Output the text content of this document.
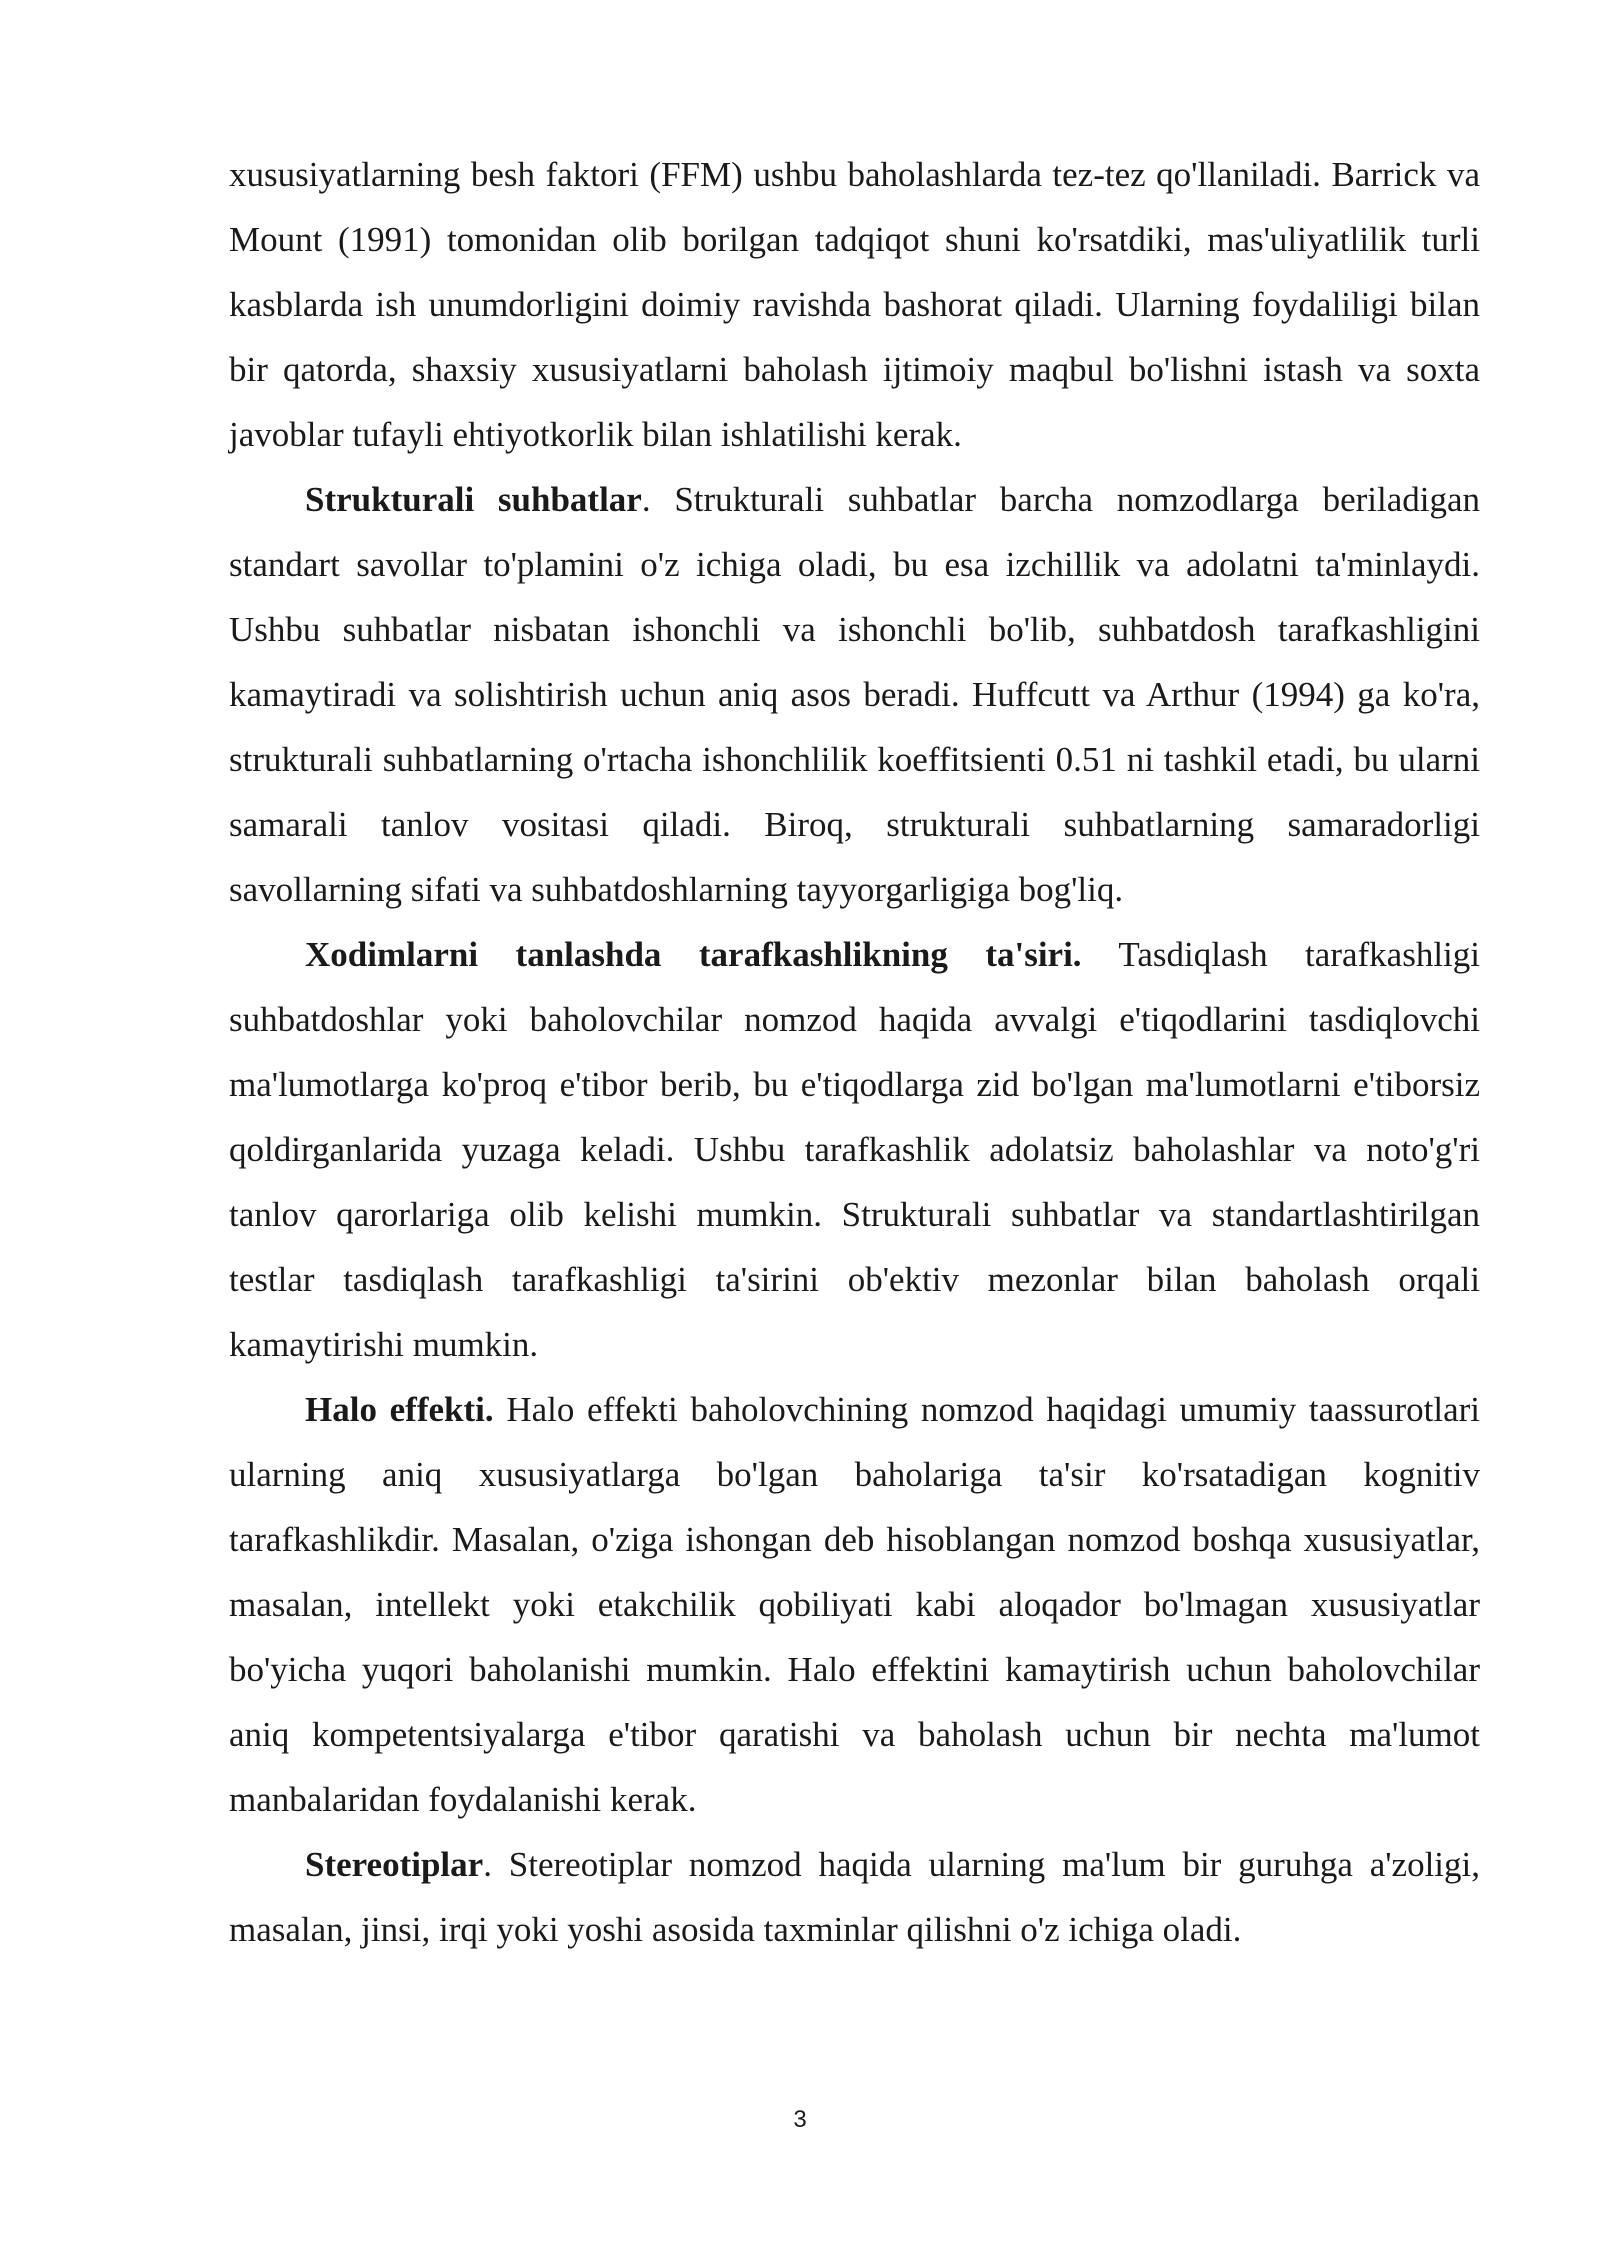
xususiyatlarning besh faktori (FFM) ushbu baholashlarda tez-tez qo'llaniladi. Barrick va Mount (1991) tomonidan olib borilgan tadqiqot shuni ko'rsatdiki, mas'uliyatlilik turli kasblarda ish unumdorligini doimiy ravishda bashorat qiladi. Ularning foydaliligi bilan bir qatorda, shaxsiy xususiyatlarni baholash ijtimoiy maqbul bo'lishni istash va soxta javoblar tufayli ehtiyotkorlik bilan ishlatilishi kerak.

Strukturali suhbatlar. Strukturali suhbatlar barcha nomzodlarga beriladigan standart savollar to'plamini o'z ichiga oladi, bu esa izchillik va adolatni ta'minlaydi. Ushbu suhbatlar nisbatan ishonchli va ishonchli bo'lib, suhbatdosh tarafkashligini kamaytiradi va solishtirish uchun aniq asos beradi. Huffcutt va Arthur (1994) ga ko'ra, strukturali suhbatlarning o'rtacha ishonchlilik koeffitsienti 0.51 ni tashkil etadi, bu ularni samarali tanlov vositasi qiladi. Biroq, strukturali suhbatlarning samaradorligi savollarning sifati va suhbatdoshlarning tayyorgarligiga bog'liq.

Xodimlarni tanlashda tarafkashlikning ta'siri. Tasdiqlash tarafkashligi suhbatdoshlar yoki baholovchilar nomzod haqida avvalgi e'tiqodlarini tasdiqlovchi ma'lumotlarga ko'proq e'tibor berib, bu e'tiqodlarga zid bo'lgan ma'lumotlarni e'tiborsiz qoldirganlarida yuzaga keladi. Ushbu tarafkashlik adolatsiz baholashlar va noto'g'ri tanlov qarorlariga olib kelishi mumkin. Strukturali suhbatlar va standartlashtirilgan testlar tasdiqlash tarafkashligi ta'sirini ob'ektiv mezonlar bilan baholash orqali kamaytirishi mumkin.

Halo effekti. Halo effekti baholovchining nomzod haqidagi umumiy taassurotlari ularning aniq xususiyatlarga bo'lgan baholariga ta'sir ko'rsatadigan kognitiv tarafkashlikdir. Masalan, o'ziga ishongan deb hisoblangan nomzod boshqa xususiyatlar, masalan, intellekt yoki etakchilik qobiliyati kabi aloqador bo'lmagan xususiyatlar bo'yicha yuqori baholanishi mumkin. Halo effektini kamaytirish uchun baholovchilar aniq kompetentsiyalarga e'tibor qaratishi va baholash uchun bir nechta ma'lumot manbalaridan foydalanishi kerak.

Stereotiplar. Stereotiplar nomzod haqida ularning ma'lum bir guruhga a'zoligi, masalan, jinsi, irqi yoki yoshi asosida taxminlar qilishni o'z ichiga oladi.

3
